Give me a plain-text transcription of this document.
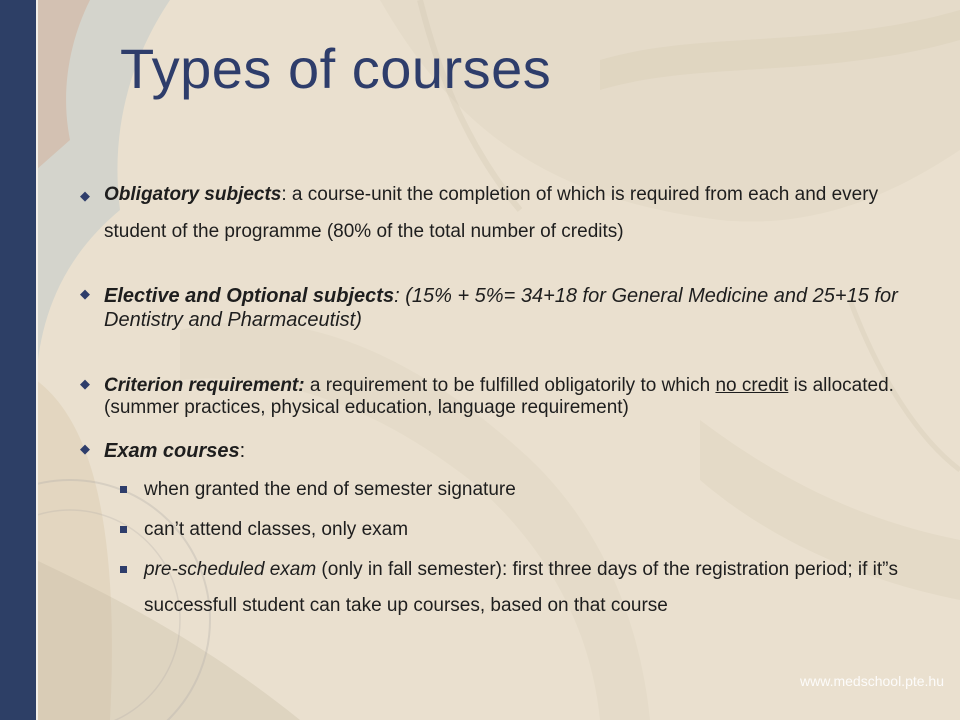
Types of courses
◆ Obligatory subjects: a course-unit the completion of which is required from each and every student of the programme (80% of the total number of credits)
◆ Elective and Optional subjects: (15% + 5%= 34+18 for General Medicine and 25+15 for Dentistry and Pharmaceutist)
◆ Criterion requirement: a requirement to be fulfilled obligatorily to which no credit is allocated. (summer practices, physical education, language requirement)
◆ Exam courses:
when granted the end of semester signature
can’t attend classes, only exam
pre-scheduled exam (only in fall semester): first three days of the registration period; if it”s successfull student can take up courses, based on that course
www.medschool.pte.hu
